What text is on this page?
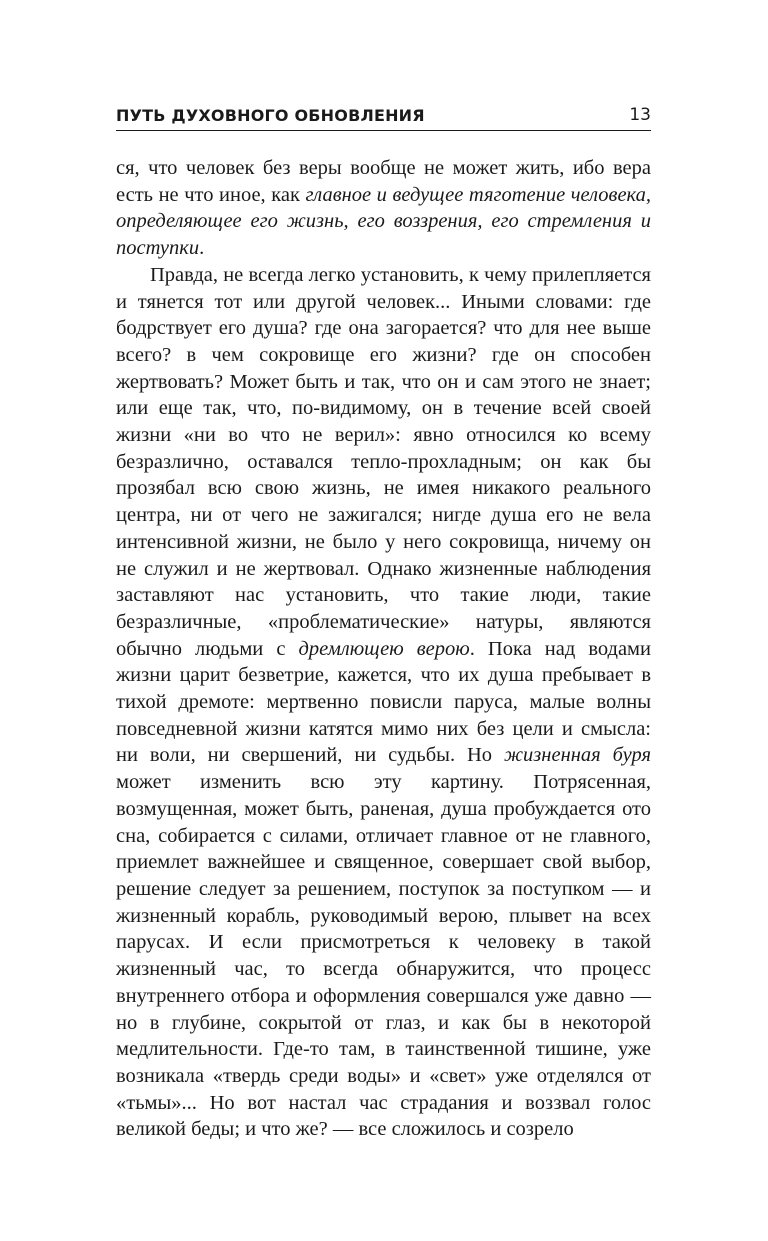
ПУТЬ ДУХОВНОГО ОБНОВЛЕНИЯ	13

ся, что человек без веры вообще не может жить, ибо вера есть не что иное, как главное и ведущее тяготение человека, определяющее его жизнь, его воззрения, его стремления и поступки.

Правда, не всегда легко установить, к чему прилепляется и тянется тот или другой человек... Иными словами: где бодрствует его душа? где она загорается? что для нее выше всего? в чем сокровище его жизни? где он способен жертвовать? Может быть и так, что он и сам этого не знает; или еще так, что, по-видимому, он в течение всей своей жизни «ни во что не верил»: явно относился ко всему безразлично, оставался тепло-прохладным; он как бы прозябал всю свою жизнь, не имея никакого реального центра, ни от чего не зажигался; нигде душа его не вела интенсивной жизни, не было у него сокровища, ничему он не служил и не жертвовал. Однако жизненные наблюдения заставляют нас установить, что такие люди, такие безразличные, «проблематические» натуры, являются обычно людьми с дремлющею верою. Пока над водами жизни царит безветрие, кажется, что их душа пребывает в тихой дремоте: мертвенно повисли паруса, малые волны повседневной жизни катятся мимо них без цели и смысла: ни воли, ни свершений, ни судьбы. Но жизненная буря может изменить всю эту картину. Потрясенная, возмущенная, может быть, раненая, душа пробуждается ото сна, собирается с силами, отличает главное от не главного, приемлет важнейшее и священное, совершает свой выбор, решение следует за решением, поступок за поступком — и жизненный корабль, руководимый верою, плывет на всех парусах. И если присмотреться к человеку в такой жизненный час, то всегда обнаружится, что процесс внутреннего отбора и оформления совершался уже давно — но в глубине, сокрытой от глаз, и как бы в некоторой медлительности. Где-то там, в таинственной тишине, уже возникала «твердь среди воды» и «свет» уже отделялся от «тьмы»... Но вот настал час страдания и воззвал голос великой беды; и что же? — все сложилось и созрело
